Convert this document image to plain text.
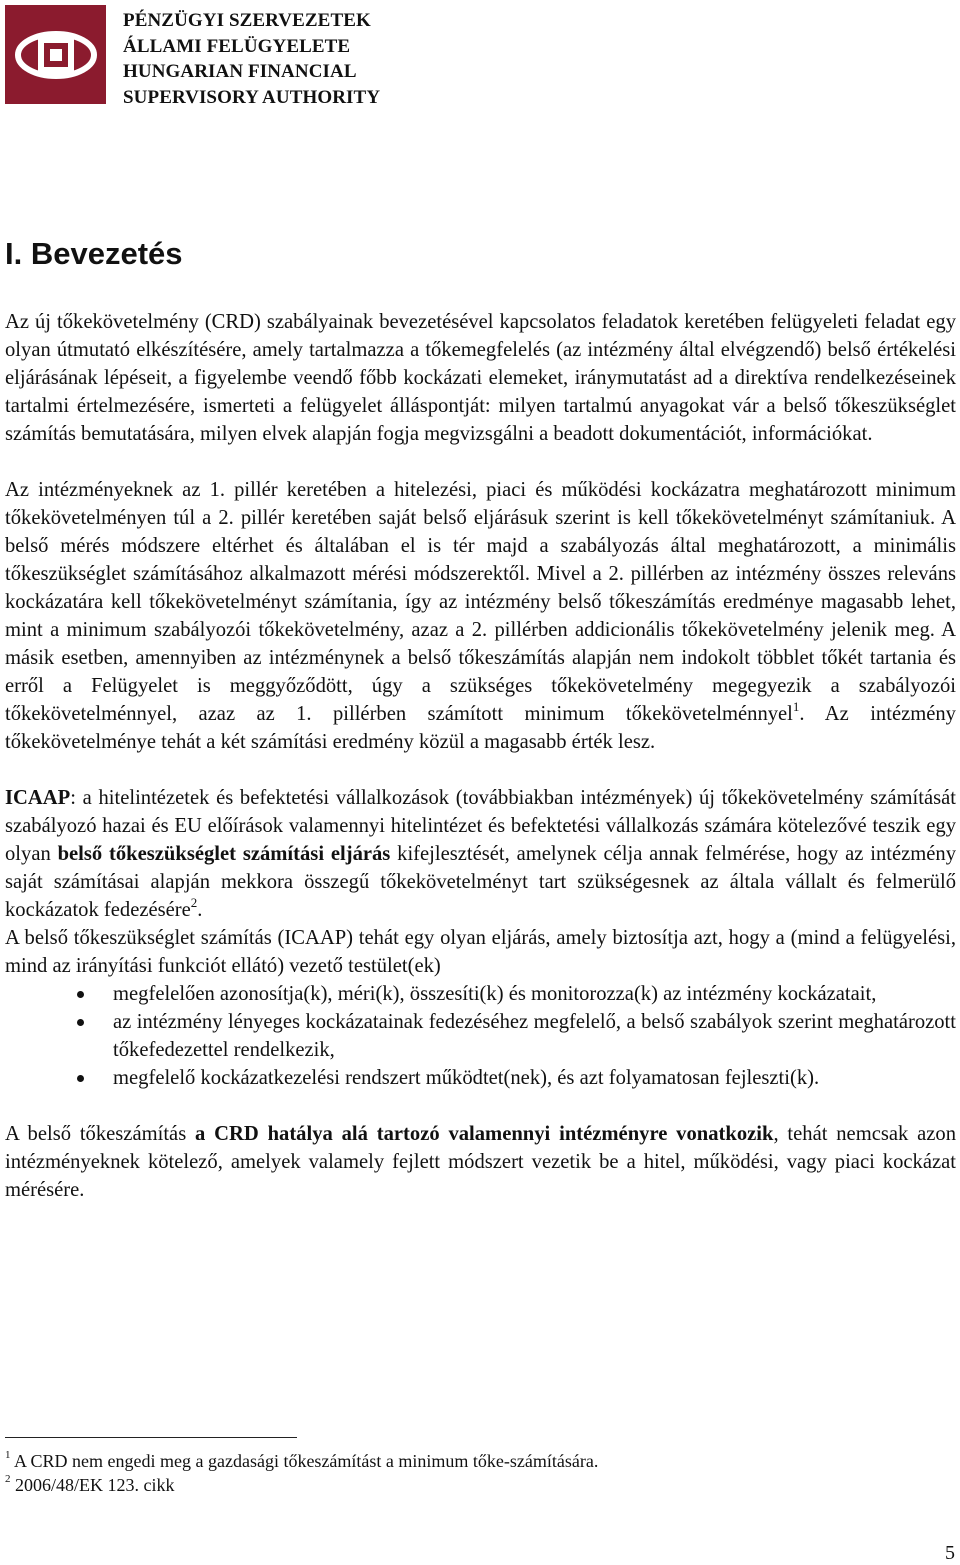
PÉNZÜGYI SZERVEZETEK
ÁLLAMI FELÜGYELETE
HUNGARIAN FINANCIAL
SUPERVISORY AUTHORITY
I. Bevezetés

Az új tőkekövetelmény (CRD) szabályainak bevezetésével kapcsolatos feladatok keretében felügyeleti feladat egy olyan útmutató elkészítésére, amely tartalmazza a tőkemegfelelés (az intézmény által elvégzendő) belső értékelési eljárásának lépéseit, a figyelembe veendő főbb kockázati elemeket, iránymutatást ad a direktíva rendelkezéseinek tartalmi értelmezésére, ismerteti a felügyelet álláspontját: milyen tartalmú anyagokat vár a belső tőkeszükséglet számítás bemutatására, milyen elvek alapján fogja megvizsgálni a beadott dokumentációt, információkat.

Az intézményeknek az 1. pillér keretében a hitelezési, piaci és működési kockázatra meghatározott minimum tőkekövetelményen túl a 2. pillér keretében saját belső eljárásuk szerint is kell tőkekövetelményt számítaniuk. A belső mérés módszere eltérhet és általában el is tér majd a szabályozás által meghatározott, a minimális tőkeszükséglet számításához alkalmazott mérési módszerektől. Mivel a 2. pillérben az intézmény összes releváns kockázatára kell tőkekövetelményt számítania, így az intézmény belső tőkeszámítás eredménye magasabb lehet, mint a minimum szabályozói tőkekövetelmény, azaz a 2. pillérben addicionális tőkekövetelmény jelenik meg. A másik esetben, amennyiben az intézménynek a belső tőkeszámítás alapján nem indokolt többlet tőkét tartania és erről a Felügyelet is meggyőződött, úgy a szükséges tőkekövetelmény megegyezik a szabályozói tőkekövetelménnyel, azaz az 1. pillérben számított minimum tőkekövetelménnyel$^1$. Az intézmény tőkekövetelménye tehát a két számítási eredmény közül a magasabb érték lesz.

ICAAP: a hitelintézetek és befektetési vállalkozások (továbbiakban intézmények) új tőkekövetelmény számítását szabályozó hazai és EU előírások valamennyi hitelintézet és befektetési vállalkozás számára kötelezővé teszik egy olyan belső tőkeszükséglet számítási eljárás kifejlesztését, amelynek célja annak felmérése, hogy az intézmény saját számításai alapján mekkora összegű tőkekövetelményt tart szükségesnek az általa vállalt és felmerülő kockázatok fedezésére$^2$.

A belső tőkeszükséglet számítás (ICAAP) tehát egy olyan eljárás, amely biztosítja azt, hogy a (mind a felügyelési, mind az irányítási funkciót ellátó) vezető testület(ek)

megfelelően azonosítja(k), méri(k), összesíti(k) és monitorozza(k) az intézmény kockázatait,
az intézmény lényeges kockázatainak fedezéséhez megfelelő, a belső szabályok szerint meghatározott tőkefedezettel rendelkezik,
megfelelő kockázatkezelési rendszert működtet(nek), és azt folyamatosan fejleszti(k).

A belső tőkeszámítás a CRD hatálya alá tartozó valamennyi intézményre vonatkozik, tehát nemcsak azon intézményeknek kötelező, amelyek valamely fejlett módszert vezetik be a hitel, működési, vagy piaci kockázat mérésére.

$^1$ A CRD nem engedi meg a gazdasági tőkeszámítást a minimum tőke-számítására.
$^2$ 2006/48/EK 123. cikk
5
